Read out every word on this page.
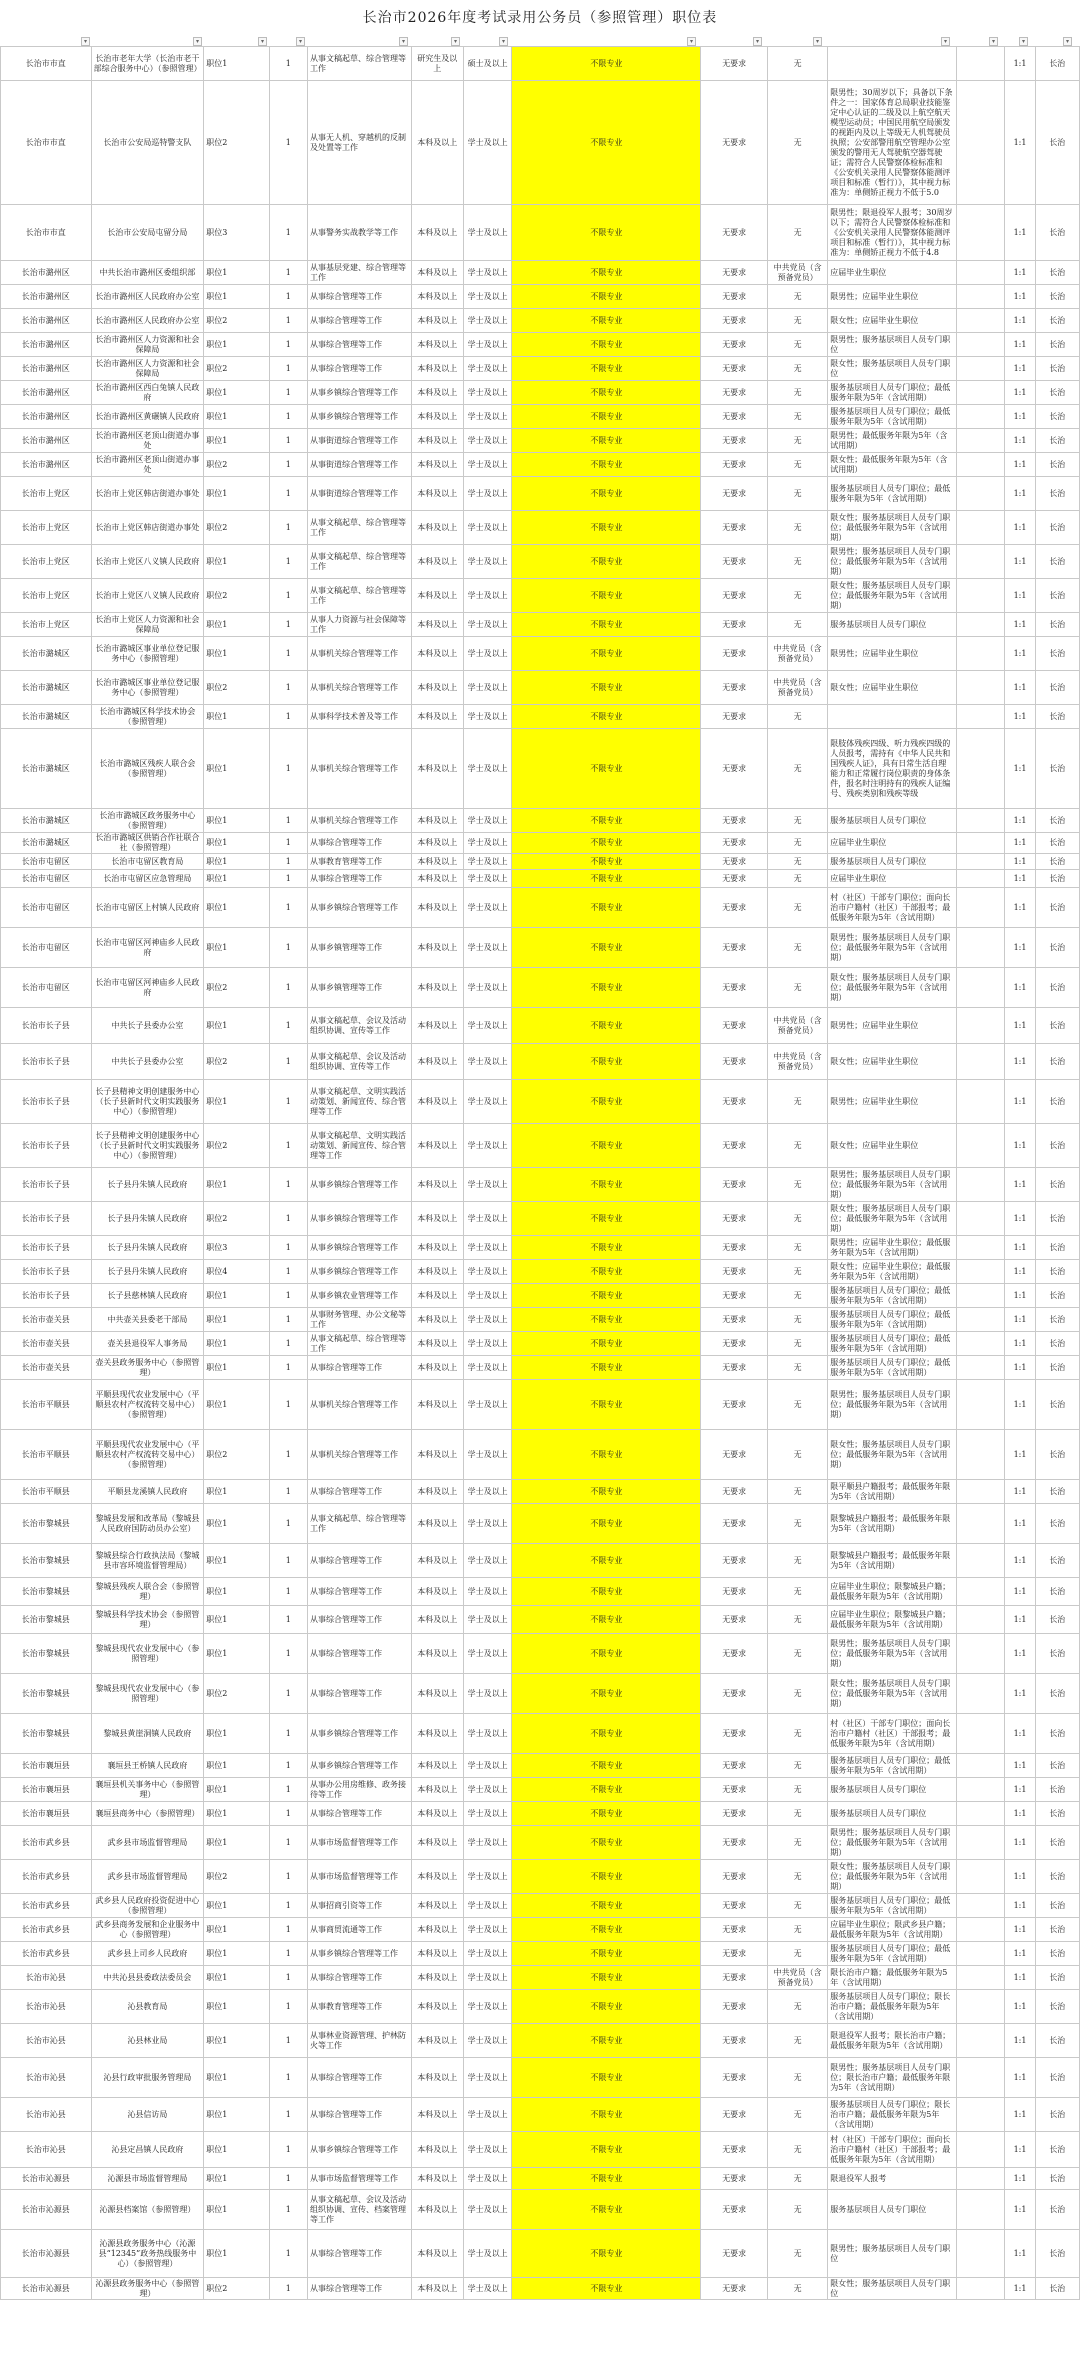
长治市2026年度考试录用公务员（参照管理）职位表
▾	▾	▾	▾	▾	▾	▾	▾	▾	▾	▾	▾	▾	▾
长治市市直	长治市老年大学（长治市老干部综合服务中心）（参照管理）	职位1	1	从事文稿起草、综合管理等工作	研究生及以上	硕士及以上	不限专业	无要求	无			1:1	长治
长治市市直	长治市公安局巡特警支队	职位2	1	从事无人机、穿越机的反制及处置等工作	本科及以上	学士及以上	不限专业	无要求	无	限男性；30周岁以下；具备以下条件之一：国家体育总局职业技能鉴定中心认证的二级及以上航空航天模型运动员；中国民用航空局颁发的视距内及以上等级无人机驾驶员执照；公安部警用航空管理办公室颁发的警用无人驾驶航空器驾驶证；需符合人民警察体检标准和《公安机关录用人民警察体能测评项目和标准（暂行）》，其中视力标准为：单侧矫正视力不低于5.0		1:1	长治
长治市市直	长治市公安局屯留分局	职位3	1	从事警务实战教学等工作	本科及以上	学士及以上	不限专业	无要求	无	限男性；限退役军人报考；30周岁以下；需符合人民警察体检标准和《公安机关录用人民警察体能测评项目和标准（暂行）》，其中视力标准为：单侧矫正视力不低于4.8		1:1	长治
长治市潞州区	中共长治市潞州区委组织部	职位1	1	从事基层党建、综合管理等工作	本科及以上	学士及以上	不限专业	无要求	中共党员（含预备党员）	应届毕业生职位		1:1	长治
长治市潞州区	长治市潞州区人民政府办公室	职位1	1	从事综合管理等工作	本科及以上	学士及以上	不限专业	无要求	无	限男性；应届毕业生职位		1:1	长治
长治市潞州区	长治市潞州区人民政府办公室	职位2	1	从事综合管理等工作	本科及以上	学士及以上	不限专业	无要求	无	限女性；应届毕业生职位		1:1	长治
长治市潞州区	长治市潞州区人力资源和社会保障局	职位1	1	从事综合管理等工作	本科及以上	学士及以上	不限专业	无要求	无	限男性；服务基层项目人员专门职位		1:1	长治
长治市潞州区	长治市潞州区人力资源和社会保障局	职位2	1	从事综合管理等工作	本科及以上	学士及以上	不限专业	无要求	无	限女性；服务基层项目人员专门职位		1:1	长治
长治市潞州区	长治市潞州区西白兔镇人民政府	职位1	1	从事乡镇综合管理等工作	本科及以上	学士及以上	不限专业	无要求	无	服务基层项目人员专门职位；最低服务年限为5年（含试用期）		1:1	长治
长治市潞州区	长治市潞州区黄碾镇人民政府	职位1	1	从事乡镇综合管理等工作	本科及以上	学士及以上	不限专业	无要求	无	服务基层项目人员专门职位；最低服务年限为5年（含试用期）		1:1	长治
长治市潞州区	长治市潞州区老顶山街道办事处	职位1	1	从事街道综合管理等工作	本科及以上	学士及以上	不限专业	无要求	无	限男性；最低服务年限为5年（含试用期）		1:1	长治
长治市潞州区	长治市潞州区老顶山街道办事处	职位2	1	从事街道综合管理等工作	本科及以上	学士及以上	不限专业	无要求	无	限女性；最低服务年限为5年（含试用期）		1:1	长治
长治市上党区	长治市上党区韩店街道办事处	职位1	1	从事街道综合管理等工作	本科及以上	学士及以上	不限专业	无要求	无	服务基层项目人员专门职位；最低服务年限为5年（含试用期）		1:1	长治
长治市上党区	长治市上党区韩店街道办事处	职位2	1	从事文稿起草、综合管理等工作	本科及以上	学士及以上	不限专业	无要求	无	限女性；服务基层项目人员专门职位；最低服务年限为5年（含试用期）		1:1	长治
长治市上党区	长治市上党区八义镇人民政府	职位1	1	从事文稿起草、综合管理等工作	本科及以上	学士及以上	不限专业	无要求	无	限男性；服务基层项目人员专门职位；最低服务年限为5年（含试用期）		1:1	长治
长治市上党区	长治市上党区八义镇人民政府	职位2	1	从事文稿起草、综合管理等工作	本科及以上	学士及以上	不限专业	无要求	无	限女性；服务基层项目人员专门职位；最低服务年限为5年（含试用期）		1:1	长治
长治市上党区	长治市上党区人力资源和社会保障局	职位1	1	从事人力资源与社会保障等工作	本科及以上	学士及以上	不限专业	无要求	无	服务基层项目人员专门职位		1:1	长治
长治市潞城区	长治市潞城区事业单位登记服务中心（参照管理）	职位1	1	从事机关综合管理等工作	本科及以上	学士及以上	不限专业	无要求	中共党员（含预备党员）	限男性；应届毕业生职位		1:1	长治
长治市潞城区	长治市潞城区事业单位登记服务中心（参照管理）	职位2	1	从事机关综合管理等工作	本科及以上	学士及以上	不限专业	无要求	中共党员（含预备党员）	限女性；应届毕业生职位		1:1	长治
长治市潞城区	长治市潞城区科学技术协会（参照管理）	职位1	1	从事科学技术普及等工作	本科及以上	学士及以上	不限专业	无要求	无			1:1	长治
长治市潞城区	长治市潞城区残疾人联合会（参照管理）	职位1	1	从事机关综合管理等工作	本科及以上	学士及以上	不限专业	无要求	无	限肢体残疾四级、听力残疾四级的人员报考，需持有《中华人民共和国残疾人证》，具有日常生活自理能力和正常履行岗位职责的身体条件，报名时注明持有的残疾人证编号、残疾类别和残疾等级		1:1	长治
长治市潞城区	长治市潞城区政务服务中心（参照管理）	职位1	1	从事机关综合管理等工作	本科及以上	学士及以上	不限专业	无要求	无	服务基层项目人员专门职位		1:1	长治
长治市潞城区	长治市潞城区供销合作社联合社（参照管理）	职位1	1	从事综合管理等工作	本科及以上	学士及以上	不限专业	无要求	无	应届毕业生职位		1:1	长治
长治市屯留区	长治市屯留区教育局	职位1	1	从事教育管理等工作	本科及以上	学士及以上	不限专业	无要求	无	服务基层项目人员专门职位		1:1	长治
长治市屯留区	长治市屯留区应急管理局	职位1	1	从事综合管理等工作	本科及以上	学士及以上	不限专业	无要求	无	应届毕业生职位		1:1	长治
长治市屯留区	长治市屯留区上村镇人民政府	职位1	1	从事乡镇综合管理等工作	本科及以上	学士及以上	不限专业	无要求	无	村（社区）干部专门职位；面向长治市户籍村（社区）干部报考；最低服务年限为5年（含试用期）		1:1	长治
长治市屯留区	长治市屯留区河神庙乡人民政府	职位1	1	从事乡镇管理等工作	本科及以上	学士及以上	不限专业	无要求	无	限男性；服务基层项目人员专门职位；最低服务年限为5年（含试用期）		1:1	长治
长治市屯留区	长治市屯留区河神庙乡人民政府	职位2	1	从事乡镇管理等工作	本科及以上	学士及以上	不限专业	无要求	无	限女性；服务基层项目人员专门职位；最低服务年限为5年（含试用期）		1:1	长治
长治市长子县	中共长子县委办公室	职位1	1	从事文稿起草、会议及活动组织协调、宣传等工作	本科及以上	学士及以上	不限专业	无要求	中共党员（含预备党员）	限男性；应届毕业生职位		1:1	长治
长治市长子县	中共长子县委办公室	职位2	1	从事文稿起草、会议及活动组织协调、宣传等工作	本科及以上	学士及以上	不限专业	无要求	中共党员（含预备党员）	限女性；应届毕业生职位		1:1	长治
长治市长子县	长子县精神文明创建服务中心（长子县新时代文明实践服务中心）（参照管理）	职位1	1	从事文稿起草、文明实践活动策划、新闻宣传、综合管理等工作	本科及以上	学士及以上	不限专业	无要求	无	限男性；应届毕业生职位		1:1	长治
长治市长子县	长子县精神文明创建服务中心（长子县新时代文明实践服务中心）（参照管理）	职位2	1	从事文稿起草、文明实践活动策划、新闻宣传、综合管理等工作	本科及以上	学士及以上	不限专业	无要求	无	限女性；应届毕业生职位		1:1	长治
长治市长子县	长子县丹朱镇人民政府	职位1	1	从事乡镇综合管理等工作	本科及以上	学士及以上	不限专业	无要求	无	限男性；服务基层项目人员专门职位；最低服务年限为5年（含试用期）		1:1	长治
长治市长子县	长子县丹朱镇人民政府	职位2	1	从事乡镇综合管理等工作	本科及以上	学士及以上	不限专业	无要求	无	限女性；服务基层项目人员专门职位；最低服务年限为5年（含试用期）		1:1	长治
长治市长子县	长子县丹朱镇人民政府	职位3	1	从事乡镇综合管理等工作	本科及以上	学士及以上	不限专业	无要求	无	限男性；应届毕业生职位；最低服务年限为5年（含试用期）		1:1	长治
长治市长子县	长子县丹朱镇人民政府	职位4	1	从事乡镇综合管理等工作	本科及以上	学士及以上	不限专业	无要求	无	限女性；应届毕业生职位；最低服务年限为5年（含试用期）		1:1	长治
长治市长子县	长子县慈林镇人民政府	职位1	1	从事乡镇农业管理等工作	本科及以上	学士及以上	不限专业	无要求	无	服务基层项目人员专门职位；最低服务年限为5年（含试用期）		1:1	长治
长治市壶关县	中共壶关县委老干部局	职位1	1	从事财务管理、办公文秘等工作	本科及以上	学士及以上	不限专业	无要求	无	服务基层项目人员专门职位；最低服务年限为5年（含试用期）		1:1	长治
长治市壶关县	壶关县退役军人事务局	职位1	1	从事文稿起草、综合管理等工作	本科及以上	学士及以上	不限专业	无要求	无	服务基层项目人员专门职位；最低服务年限为5年（含试用期）		1:1	长治
长治市壶关县	壶关县政务服务中心（参照管理）	职位1	1	从事综合管理等工作	本科及以上	学士及以上	不限专业	无要求	无	服务基层项目人员专门职位；最低服务年限为5年（含试用期）		1:1	长治
长治市平顺县	平顺县现代农业发展中心（平顺县农村产权流转交易中心）（参照管理）	职位1	1	从事机关综合管理等工作	本科及以上	学士及以上	不限专业	无要求	无	限男性；服务基层项目人员专门职位；最低服务年限为5年（含试用期）		1:1	长治
长治市平顺县	平顺县现代农业发展中心（平顺县农村产权流转交易中心）（参照管理）	职位2	1	从事机关综合管理等工作	本科及以上	学士及以上	不限专业	无要求	无	限女性；服务基层项目人员专门职位；最低服务年限为5年（含试用期）		1:1	长治
长治市平顺县	平顺县龙溪镇人民政府	职位1	1	从事综合管理等工作	本科及以上	学士及以上	不限专业	无要求	无	限平顺县户籍报考；最低服务年限为5年（含试用期）		1:1	长治
长治市黎城县	黎城县发展和改革局（黎城县人民政府国防动员办公室）	职位1	1	从事文稿起草、综合管理等工作	本科及以上	学士及以上	不限专业	无要求	无	限黎城县户籍报考；最低服务年限为5年（含试用期）		1:1	长治
长治市黎城县	黎城县综合行政执法局（黎城县市容环境监督管理局）	职位1	1	从事综合管理等工作	本科及以上	学士及以上	不限专业	无要求	无	限黎城县户籍报考；最低服务年限为5年（含试用期）		1:1	长治
长治市黎城县	黎城县残疾人联合会（参照管理）	职位1	1	从事综合管理等工作	本科及以上	学士及以上	不限专业	无要求	无	应届毕业生职位；限黎城县户籍；最低服务年限为5年（含试用期）		1:1	长治
长治市黎城县	黎城县科学技术协会（参照管理）	职位1	1	从事综合管理等工作	本科及以上	学士及以上	不限专业	无要求	无	应届毕业生职位；限黎城县户籍；最低服务年限为5年（含试用期）		1:1	长治
长治市黎城县	黎城县现代农业发展中心（参照管理）	职位1	1	从事综合管理等工作	本科及以上	学士及以上	不限专业	无要求	无	限男性；服务基层项目人员专门职位；最低服务年限为5年（含试用期）		1:1	长治
长治市黎城县	黎城县现代农业发展中心（参照管理）	职位2	1	从事综合管理等工作	本科及以上	学士及以上	不限专业	无要求	无	限女性；服务基层项目人员专门职位；最低服务年限为5年（含试用期）		1:1	长治
长治市黎城县	黎城县黄崖洞镇人民政府	职位1	1	从事乡镇综合管理等工作	本科及以上	学士及以上	不限专业	无要求	无	村（社区）干部专门职位；面向长治市户籍村（社区）干部报考；最低服务年限为5年（含试用期）		1:1	长治
长治市襄垣县	襄垣县王桥镇人民政府	职位1	1	从事乡镇综合管理等工作	本科及以上	学士及以上	不限专业	无要求	无	服务基层项目人员专门职位；最低服务年限为5年（含试用期）		1:1	长治
长治市襄垣县	襄垣县机关事务中心（参照管理）	职位1	1	从事办公用房维修、政务接待等工作	本科及以上	学士及以上	不限专业	无要求	无	服务基层项目人员专门职位		1:1	长治
长治市襄垣县	襄垣县商务中心（参照管理）	职位1	1	从事综合管理等工作	本科及以上	学士及以上	不限专业	无要求	无	服务基层项目人员专门职位		1:1	长治
长治市武乡县	武乡县市场监督管理局	职位1	1	从事市场监督管理等工作	本科及以上	学士及以上	不限专业	无要求	无	限男性；服务基层项目人员专门职位；最低服务年限为5年（含试用期）		1:1	长治
长治市武乡县	武乡县市场监督管理局	职位2	1	从事市场监督管理等工作	本科及以上	学士及以上	不限专业	无要求	无	限女性；服务基层项目人员专门职位；最低服务年限为5年（含试用期）		1:1	长治
长治市武乡县	武乡县人民政府投资促进中心（参照管理）	职位1	1	从事招商引资等工作	本科及以上	学士及以上	不限专业	无要求	无	服务基层项目人员专门职位；最低服务年限为5年（含试用期）		1:1	长治
长治市武乡县	武乡县商务发展和企业服务中心（参照管理）	职位1	1	从事商贸流通等工作	本科及以上	学士及以上	不限专业	无要求	无	应届毕业生职位；限武乡县户籍；最低服务年限为5年（含试用期）		1:1	长治
长治市武乡县	武乡县上司乡人民政府	职位1	1	从事乡镇综合管理等工作	本科及以上	学士及以上	不限专业	无要求	无	服务基层项目人员专门职位；最低服务年限为5年（含试用期）		1:1	长治
长治市沁县	中共沁县县委政法委员会	职位1	1	从事综合管理等工作	本科及以上	学士及以上	不限专业	无要求	中共党员（含预备党员）	限长治市户籍；最低服务年限为5年（含试用期）		1:1	长治
长治市沁县	沁县教育局	职位1	1	从事教育管理等工作	本科及以上	学士及以上	不限专业	无要求	无	服务基层项目人员专门职位；限长治市户籍；最低服务年限为5年（含试用期）		1:1	长治
长治市沁县	沁县林业局	职位1	1	从事林业资源管理、护林防火等工作	本科及以上	学士及以上	不限专业	无要求	无	限退役军人报考；限长治市户籍；最低服务年限为5年（含试用期）		1:1	长治
长治市沁县	沁县行政审批服务管理局	职位1	1	从事综合管理等工作	本科及以上	学士及以上	不限专业	无要求	无	限男性；服务基层项目人员专门职位；限长治市户籍；最低服务年限为5年（含试用期）		1:1	长治
长治市沁县	沁县信访局	职位1	1	从事综合管理等工作	本科及以上	学士及以上	不限专业	无要求	无	服务基层项目人员专门职位；限长治市户籍；最低服务年限为5年（含试用期）		1:1	长治
长治市沁县	沁县定昌镇人民政府	职位1	1	从事乡镇综合管理等工作	本科及以上	学士及以上	不限专业	无要求	无	村（社区）干部专门职位；面向长治市户籍村（社区）干部报考；最低服务年限为5年（含试用期）		1:1	长治
长治市沁源县	沁源县市场监督管理局	职位1	1	从事市场监督管理等工作	本科及以上	学士及以上	不限专业	无要求	无	限退役军人报考		1:1	长治
长治市沁源县	沁源县档案馆（参照管理）	职位1	1	从事文稿起草、会议及活动组织协调、宣传、档案管理等工作	本科及以上	学士及以上	不限专业	无要求	无	服务基层项目人员专门职位		1:1	长治
长治市沁源县	沁源县政务服务中心（沁源县“12345”政务热线服务中心）（参照管理）	职位1	1	从事综合管理等工作	本科及以上	学士及以上	不限专业	无要求	无	限男性；服务基层项目人员专门职位		1:1	长治
长治市沁源县	沁源县政务服务中心（参照管理）	职位2	1	从事综合管理等工作	本科及以上	学士及以上	不限专业	无要求	无	限女性；服务基层项目人员专门职位		1:1	长治
